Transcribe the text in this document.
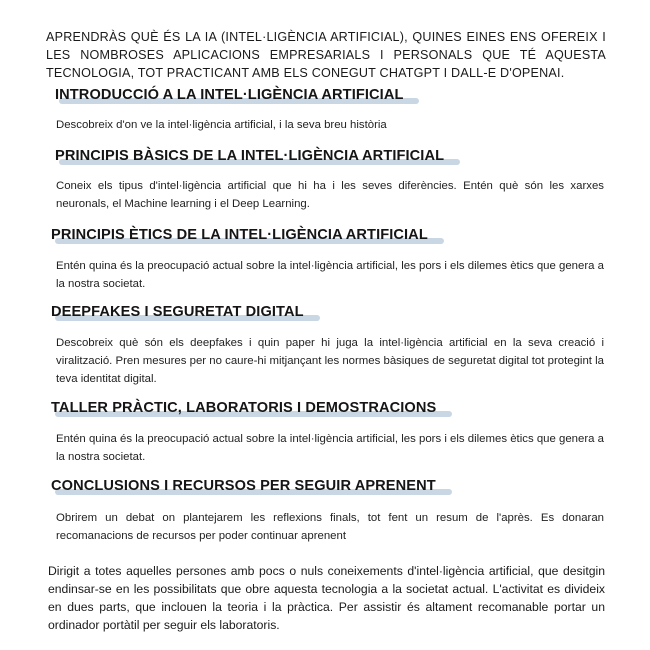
APRENDRÀS QUÈ ÉS LA IA (INTEL·LIGÈNCIA ARTIFICIAL), QUINES EINES ENS OFEREIX I LES NOMBROSES APLICACIONS EMPRESARIALS I PERSONALS QUE TÉ AQUESTA TECNOLOGIA, TOT PRACTICANT AMB ELS CONEGUT CHATGPT I DALL-E D'OPENAI.

INTRODUCCIÓ A LA INTEL·LIGÈNCIA ARTIFICIAL

Descobreix d'on ve la intel·ligència artificial, i la seva breu història

PRINCIPIS BÀSICS DE LA INTEL·LIGÈNCIA ARTIFICIAL

Coneix els tipus d'intel·ligència artificial que hi ha i les seves diferències. Entén què són les xarxes neuronals, el Machine learning i el Deep Learning.

PRINCIPIS ÈTICS DE LA INTEL·LIGÈNCIA ARTIFICIAL

Entén quina és la preocupació actual sobre la intel·ligència artificial, les pors i els dilemes ètics que genera a la nostra societat.

DEEPFAKES I SEGURETAT DIGITAL

Descobreix què són els deepfakes i quin paper hi juga la intel·ligència artificial en la seva creació i viralització. Pren mesures per no caure-hi mitjançant les normes bàsiques de seguretat digital tot protegint la teva identitat digital.

TALLER PRÀCTIC, LABORATORIS I DEMOSTRACIONS

Entén quina és la preocupació actual sobre la intel·ligència artificial, les pors i els dilemes ètics que genera a la nostra societat.

CONCLUSIONS I RECURSOS PER SEGUIR APRENENT

Obrirem un debat on plantejarem les reflexions finals, tot fent un resum de l'après. Es donaran recomanacions de recursos per poder continuar aprenent

Dirigit a totes aquelles persones amb pocs o nuls coneixements d'intel·ligència artificial, que desitgin endinsar-se en les possibilitats que obre aquesta tecnologia a la societat actual. L'activitat es divideix en dues parts, que inclouen la teoria i la pràctica. Per assistir és altament recomanable portar un ordinador portàtil per seguir els laboratoris.
